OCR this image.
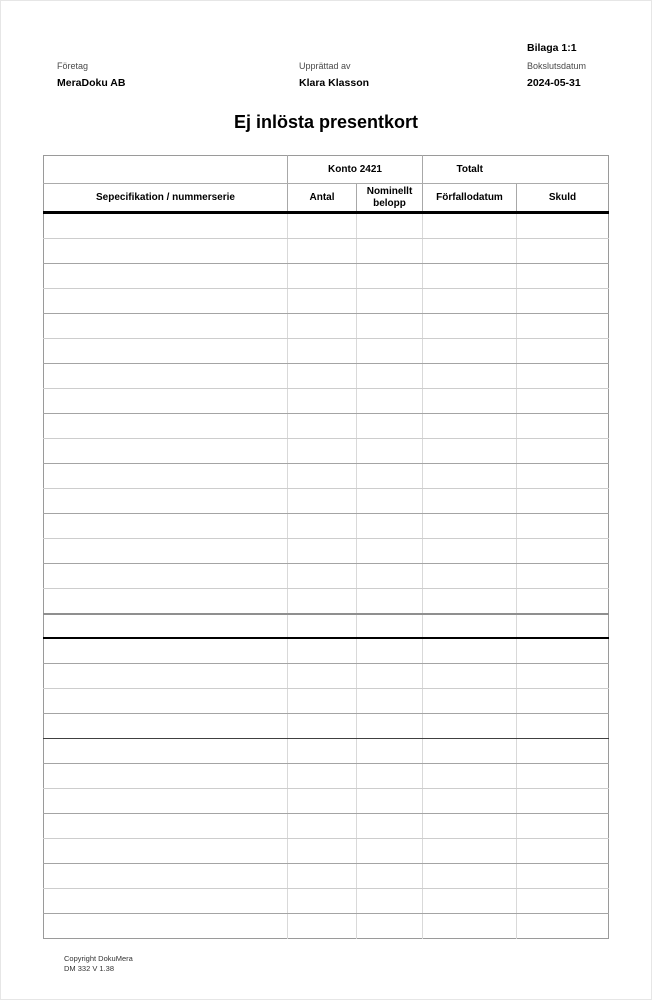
Bilaga 1:1
Företag
MeraDoku AB
Upprättad av
Klara Klasson
Bokslutsdatum
2024-05-31
Ej inlösta presentkort
	Konto 2421		Totalt	

Sepecifikation / nummerserie	Antal	Nominellt belopp	Förfallodatum	Skuld

Copyright DokuMera
DM 332 V 1.38
